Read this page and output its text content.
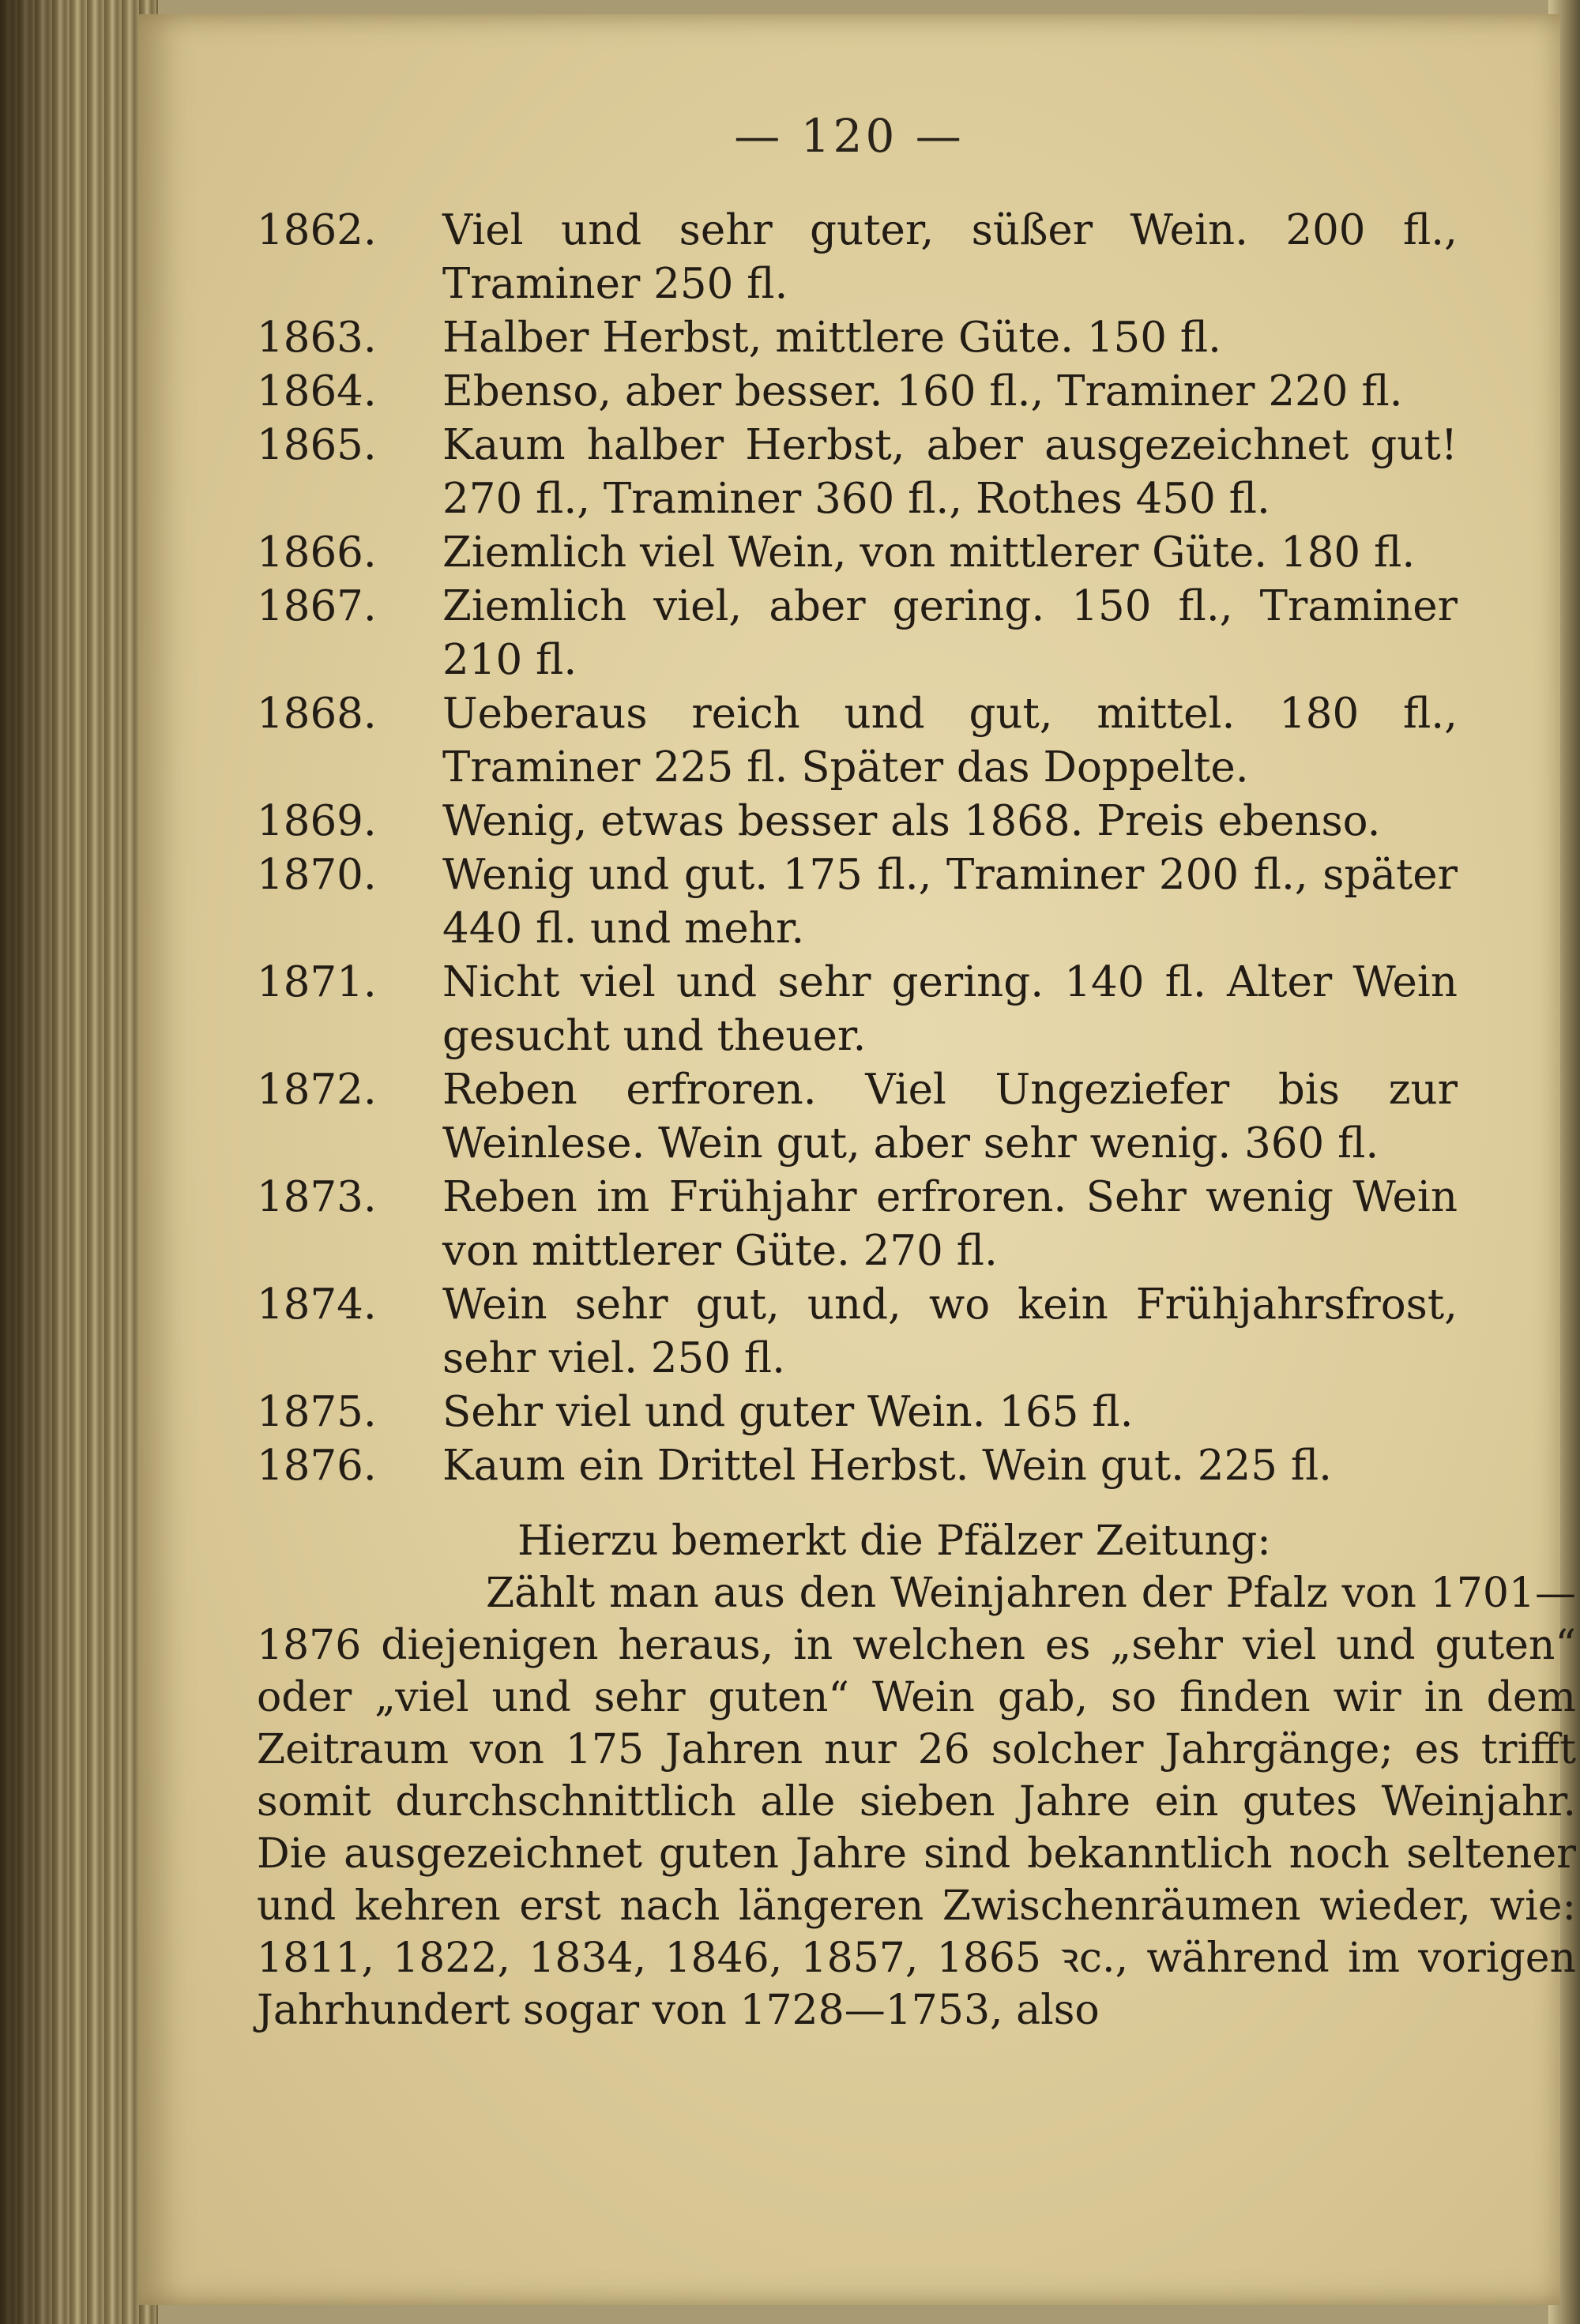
— 120 —
1862.	Viel und sehr guter, süßer Wein. 200 fl., Traminer 250 fl.
1863.	Halber Herbst, mittlere Güte. 150 fl.
1864.	Ebenso, aber besser. 160 fl., Traminer 220 fl.
1865.	Kaum halber Herbst, aber ausgezeichnet gut! 270 fl., Traminer 360 fl., Rothes 450 fl.
1866.	Ziemlich viel Wein, von mittlerer Güte. 180 fl.
1867.	Ziemlich viel, aber gering. 150 fl., Traminer 210 fl.
1868.	Ueberaus reich und gut, mittel. 180 fl., Traminer 225 fl. Später das Doppelte.
1869.	Wenig, etwas besser als 1868. Preis ebenso.
1870.	Wenig und gut. 175 fl., Traminer 200 fl., später 440 fl. und mehr.
1871.	Nicht viel und sehr gering. 140 fl. Alter Wein gesucht und theuer.
1872.	Reben erfroren. Viel Ungeziefer bis zur Weinlese. Wein gut, aber sehr wenig. 360 fl.
1873.	Reben im Frühjahr erfroren. Sehr wenig Wein von mittlerer Güte. 270 fl.
1874.	Wein sehr gut, und, wo kein Frühjahrsfrost, sehr viel. 250 fl.
1875.	Sehr viel und guter Wein. 165 fl.
1876.	Kaum ein Drittel Herbst. Wein gut. 225 fl.
Hierzu bemerkt die Pfälzer Zeitung:
Zählt man aus den Weinjahren der Pfalz von 1701—1876 diejenigen heraus, in welchen es „sehr viel und guten“ oder „viel und sehr guten“ Wein gab, so finden wir in dem Zeitraum von 175 Jahren nur 26 solcher Jahrgänge; es trifft somit durchschnittlich alle sieben Jahre ein gutes Weinjahr. Die ausgezeichnet guten Jahre sind bekanntlich noch seltener und kehren erst nach längeren Zwischenräumen wieder, wie: 1811, 1822, 1834, 1846, 1857, 1865 ꝛc., während im vorigen Jahrhundert sogar von 1728—1753, also
